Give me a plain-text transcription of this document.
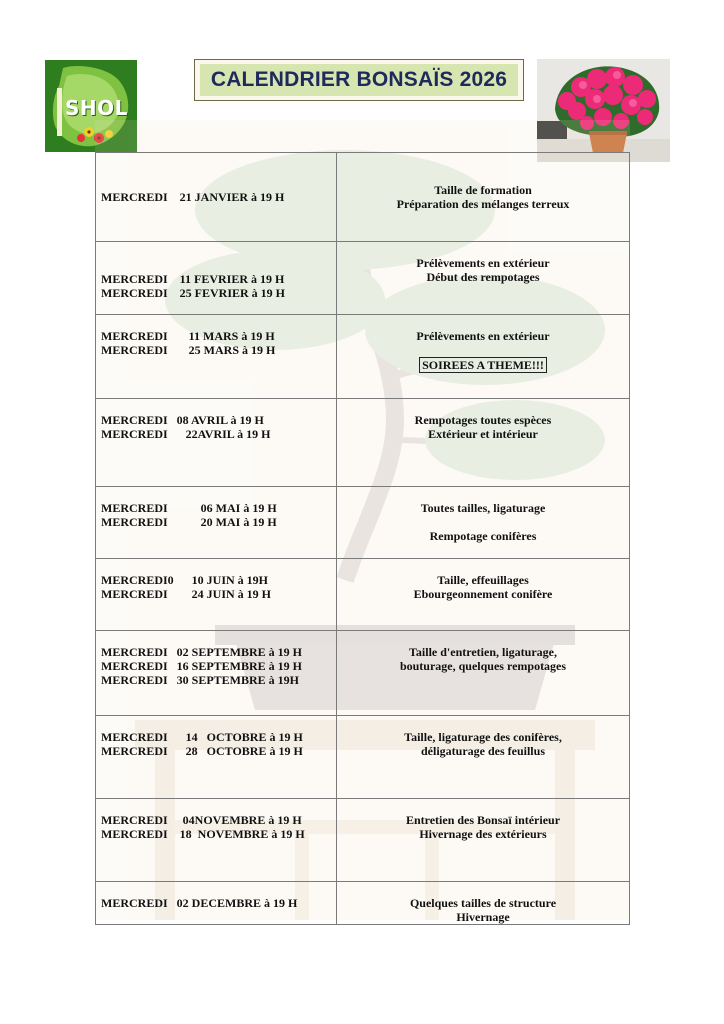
SHOL
CALENDRIER BONSAÏS 2026
MERCREDI    21 JANVIER à 19 H	Taille de formation
Préparation des mélanges terreux

MERCREDI    11 FEVRIER à 19 H
MERCREDI    25 FEVRIER à 19 H	Prélèvements en extérieur
Début des rempotages

MERCREDI       11 MARS à 19 H
MERCREDI       25 MARS à 19 H	Prélèvements en extérieur
SOIREES A THEME!!!

MERCREDI   08 AVRIL à 19 H
MERCREDI      22AVRIL à 19 H	Rempotages toutes espèces
Extérieur et intérieur

MERCREDI           06 MAI à 19 H
MERCREDI           20 MAI à 19 H	Toutes tailles, ligaturage
Rempotage conifères

MERCREDI0      10 JUIN à 19H
MERCREDI        24 JUIN à 19 H	Taille, effeuillages
Ebourgeonnement conifère

MERCREDI   02 SEPTEMBRE à 19 H
MERCREDI   16 SEPTEMBRE à 19 H
MERCREDI   30 SEPTEMBRE à 19H	Taille d'entretien, ligaturage,
bouturage, quelques rempotages

MERCREDI      14   OCTOBRE à 19 H
MERCREDI      28   OCTOBRE à 19 H	Taille, ligaturage des conifères,
déligaturage des feuillus

MERCREDI     04NOVEMBRE à 19 H
MERCREDI    18  NOVEMBRE à 19 H	Entretien des Bonsaï intérieur
Hivernage des extérieurs

MERCREDI   02 DECEMBRE à 19 H	Quelques tailles de structure
Hivernage
